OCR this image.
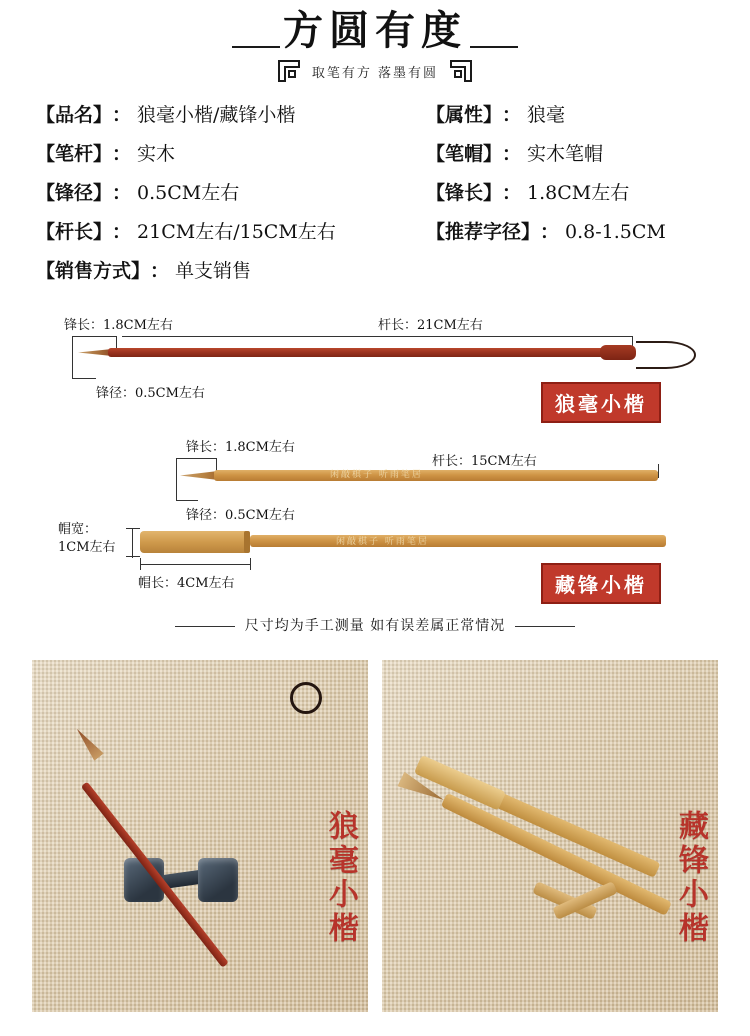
方圆有度
取笔有方 落墨有圆
【品名】 ： 狼毫小楷/藏锋小楷	【属性】 ： 狼毫
【笔杆】 ： 实木	【笔帽】 ： 实木笔帽
【锋径】 ： 0.5CM左右	【锋长】 ： 1.8CM左右
【杆长】 ： 21CM左右/15CM左右	【推荐字径】 ： 0.8-1.5CM
【销售方式】 ： 单支销售
锋长：1.8CM左右	杆长：21CM左右
锋径：0.5CM左右	狼毫小楷
锋长：1.8CM左右
杆长：15CM左右
锋径：0.5CM左右
闲敲棋子 听雨笔居
帽宽：
1CM左右
帽长：4CM左右
闲敲棋子 听雨笔居
藏锋小楷
尺寸均为手工测量 如有误差属正常情况
狼毫小楷	藏锋小楷
